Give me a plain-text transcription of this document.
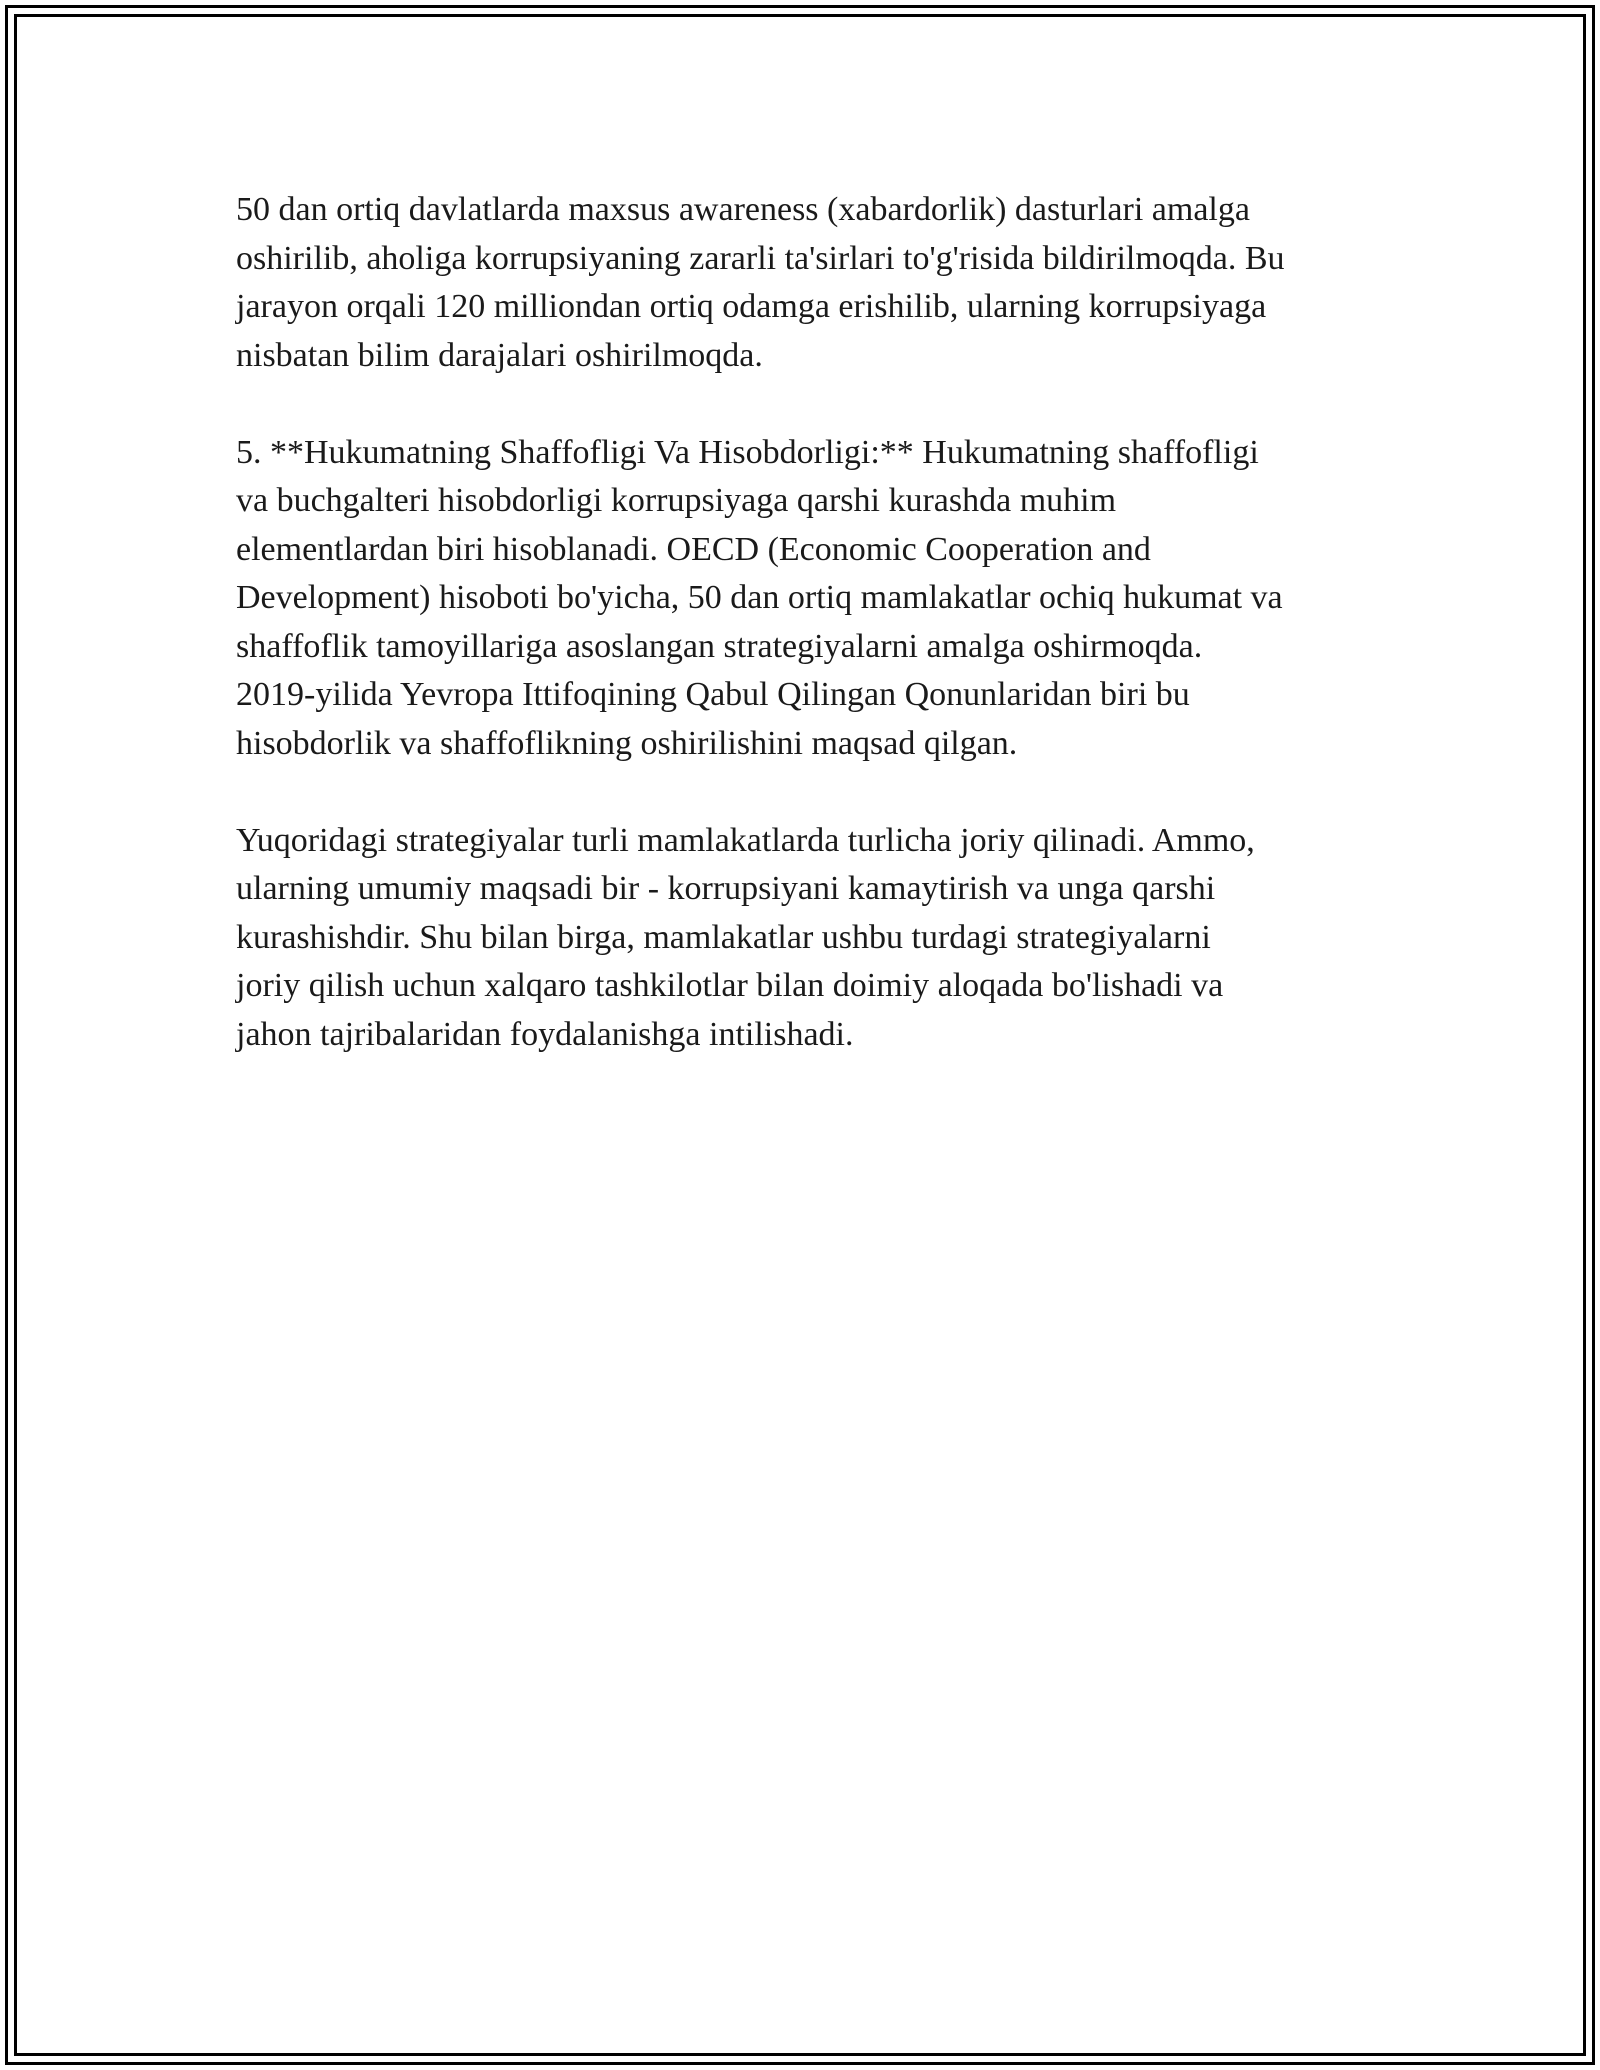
50 dan ortiq davlatlarda maxsus awareness (xabardorlik) dasturlari amalga
oshirilib, aholiga korrupsiyaning zararli ta'sirlari to'g'risida bildirilmoqda. Bu
jarayon orqali 120 milliondan ortiq odamga erishilib, ularning korrupsiyaga
nisbatan bilim darajalari oshirilmoqda.

5. **Hukumatning Shaffofligi Va Hisobdorligi:** Hukumatning shaffofligi
va buchgalteri hisobdorligi korrupsiyaga qarshi kurashda muhim
elementlardan biri hisoblanadi. OECD (Economic Cooperation and
Development) hisoboti bo'yicha, 50 dan ortiq mamlakatlar ochiq hukumat va
shaffoflik tamoyillariga asoslangan strategiyalarni amalga oshirmoqda.
2019-yilida Yevropa Ittifoqining Qabul Qilingan Qonunlaridan biri bu
hisobdorlik va shaffoflikning oshirilishini maqsad qilgan.

Yuqoridagi strategiyalar turli mamlakatlarda turlicha joriy qilinadi. Ammo,
ularning umumiy maqsadi bir - korrupsiyani kamaytirish va unga qarshi
kurashishdir. Shu bilan birga, mamlakatlar ushbu turdagi strategiyalarni
joriy qilish uchun xalqaro tashkilotlar bilan doimiy aloqada bo'lishadi va
jahon tajribalaridan foydalanishga intilishadi.
